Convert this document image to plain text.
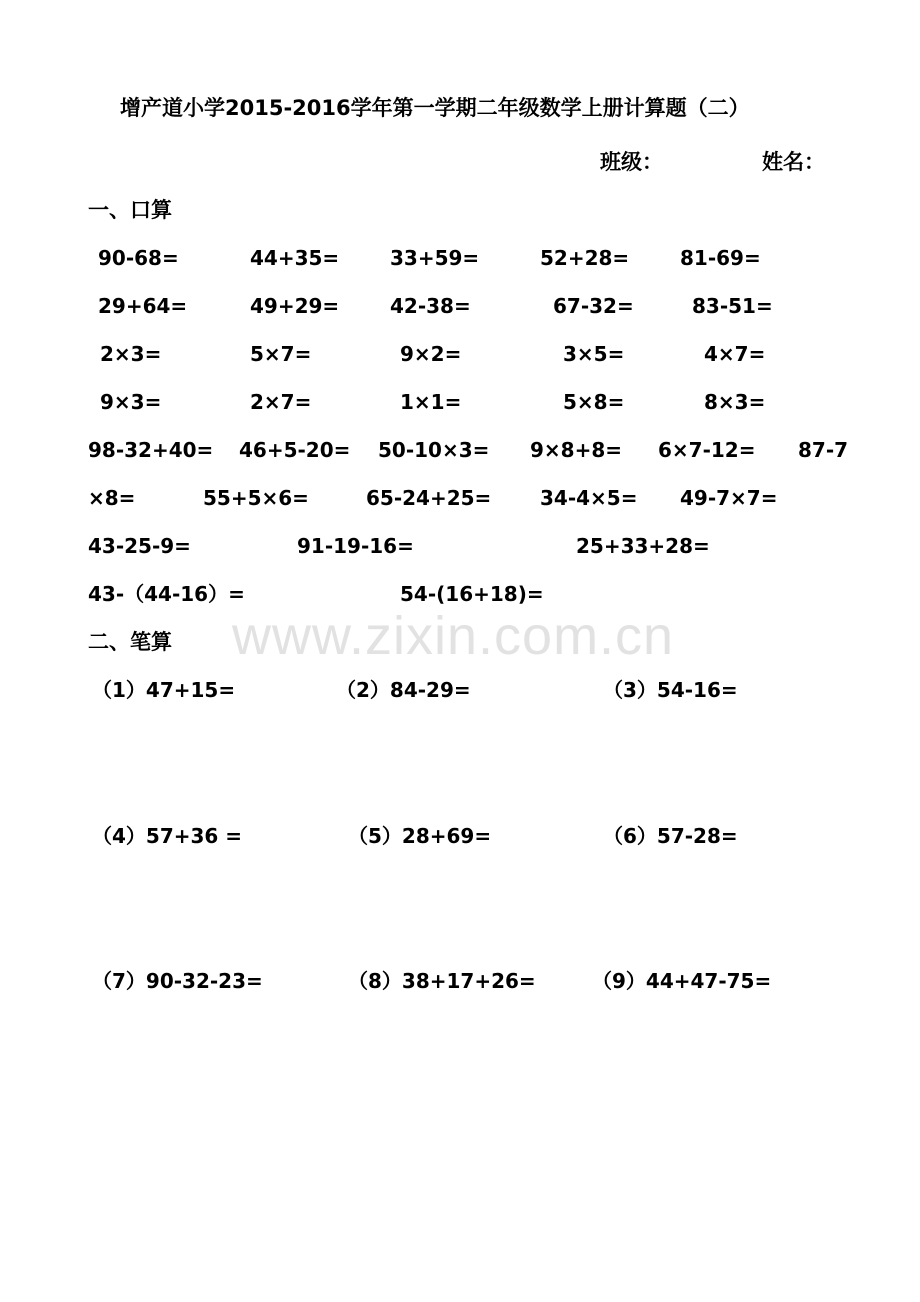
增产道小学2015-2016学年第一学期二年级数学上册计算题（二）
班级：	姓名：
一、口算
90-68=	44+35=	33+59=	52+28=	81-69=
29+64=	49+29=	42-38=	67-32=	83-51=
2×3=	5×7=	9×2=	3×5=	4×7=
9×3=	2×7=	1×1=	5×8=	8×3=
98-32+40= 46+5-20= 50-10×3= 9×8+8= 6×7-12= 87-7
×8=	55+5×6=	65-24+25= 34-4×5= 49-7×7=
43-25-9=	91-19-16=	25+33+28=
43-（44-16）=	54-(16+18)=
www.zixin.com.cn
二、笔算
（1）47+15=	（2）84-29=	（3）54-16=
（4）57+36 =	（5）28+69=	（6）57-28=
（7）90-32-23=	（8）38+17+26=	（9）44+47-75=
